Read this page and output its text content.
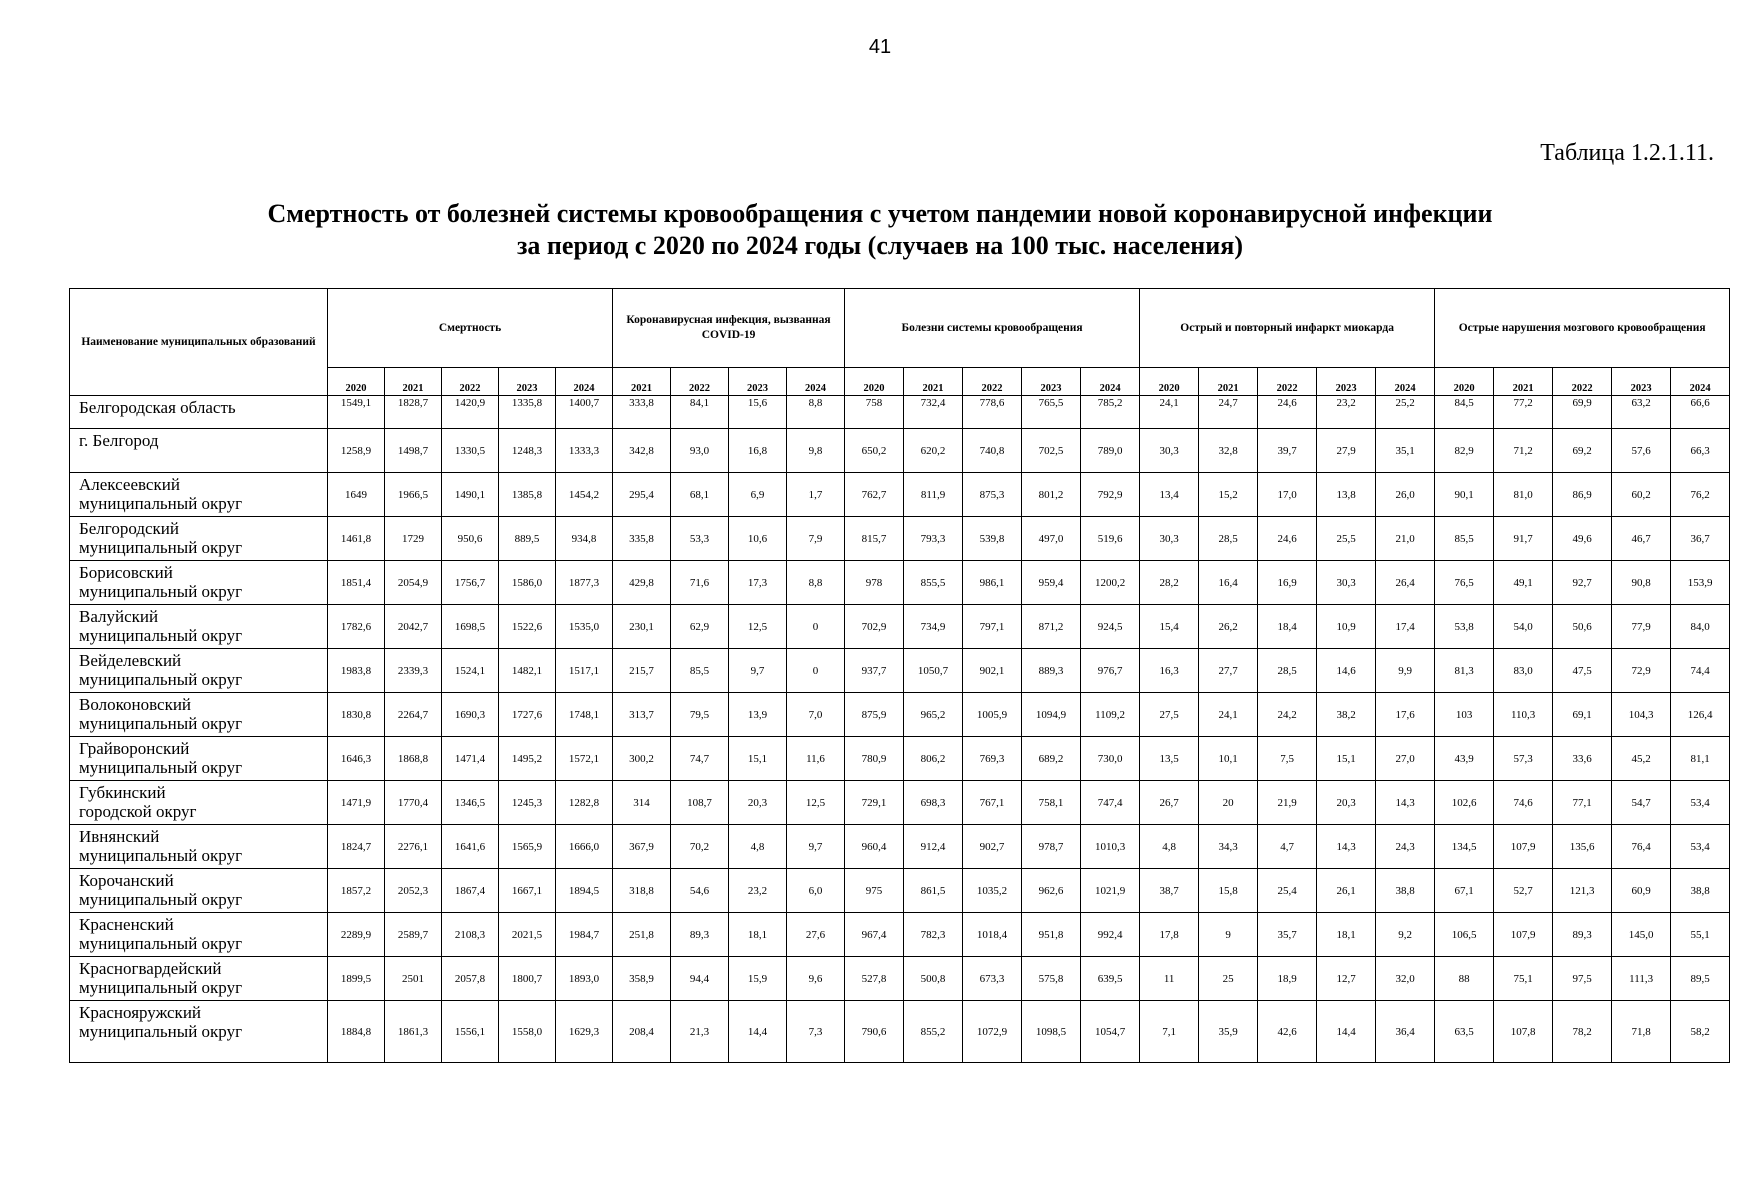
41
Таблица 1.2.1.11.
Смертность от болезней системы кровообращения с учетом пандемии новой коронавирусной инфекции
за период с 2020 по 2024 годы (случаев на 100 тыс. населения)
Наименование муниципальных образований	Смертность					Коронавирусная инфекция, вызванная COVID-19				Болезни системы кровообращения					Острый и повторный инфаркт миокарда					Острые нарушения мозгового кровообращения				
	2020	2021	2022	2023	2024	2021	2022	2023	2024	2020	2021	2022	2023	2024	2020	2021	2022	2023	2024	2020	2021	2022	2023	2024

Белгородская область	1549,1	1828,7	1420,9	1335,8	1400,7	333,8	84,1	15,6	8,8	758	732,4	778,6	765,5	785,2	24,1	24,7	24,6	23,2	25,2	84,5	77,2	69,9	63,2	66,6

г. Белгород	1258,9	1498,7	1330,5	1248,3	1333,3	342,8	93,0	16,8	9,8	650,2	620,2	740,8	702,5	789,0	30,3	32,8	39,7	27,9	35,1	82,9	71,2	69,2	57,6	66,3

Алексеевский
муниципальный округ	1649	1966,5	1490,1	1385,8	1454,2	295,4	68,1	6,9	1,7	762,7	811,9	875,3	801,2	792,9	13,4	15,2	17,0	13,8	26,0	90,1	81,0	86,9	60,2	76,2

Белгородский
муниципальный округ	1461,8	1729	950,6	889,5	934,8	335,8	53,3	10,6	7,9	815,7	793,3	539,8	497,0	519,6	30,3	28,5	24,6	25,5	21,0	85,5	91,7	49,6	46,7	36,7

Борисовский
муниципальный округ	1851,4	2054,9	1756,7	1586,0	1877,3	429,8	71,6	17,3	8,8	978	855,5	986,1	959,4	1200,2	28,2	16,4	16,9	30,3	26,4	76,5	49,1	92,7	90,8	153,9

Валуйский
муниципальный округ	1782,6	2042,7	1698,5	1522,6	1535,0	230,1	62,9	12,5	0	702,9	734,9	797,1	871,2	924,5	15,4	26,2	18,4	10,9	17,4	53,8	54,0	50,6	77,9	84,0

Вейделевский
муниципальный округ	1983,8	2339,3	1524,1	1482,1	1517,1	215,7	85,5	9,7	0	937,7	1050,7	902,1	889,3	976,7	16,3	27,7	28,5	14,6	9,9	81,3	83,0	47,5	72,9	74,4

Волоконовский
муниципальный округ	1830,8	2264,7	1690,3	1727,6	1748,1	313,7	79,5	13,9	7,0	875,9	965,2	1005,9	1094,9	1109,2	27,5	24,1	24,2	38,2	17,6	103	110,3	69,1	104,3	126,4

Грайворонский
муниципальный округ	1646,3	1868,8	1471,4	1495,2	1572,1	300,2	74,7	15,1	11,6	780,9	806,2	769,3	689,2	730,0	13,5	10,1	7,5	15,1	27,0	43,9	57,3	33,6	45,2	81,1

Губкинский
городской округ	1471,9	1770,4	1346,5	1245,3	1282,8	314	108,7	20,3	12,5	729,1	698,3	767,1	758,1	747,4	26,7	20	21,9	20,3	14,3	102,6	74,6	77,1	54,7	53,4

Ивнянский
муниципальный округ	1824,7	2276,1	1641,6	1565,9	1666,0	367,9	70,2	4,8	9,7	960,4	912,4	902,7	978,7	1010,3	4,8	34,3	4,7	14,3	24,3	134,5	107,9	135,6	76,4	53,4

Корочанский
муниципальный округ	1857,2	2052,3	1867,4	1667,1	1894,5	318,8	54,6	23,2	6,0	975	861,5	1035,2	962,6	1021,9	38,7	15,8	25,4	26,1	38,8	67,1	52,7	121,3	60,9	38,8

Красненский
муниципальный округ	2289,9	2589,7	2108,3	2021,5	1984,7	251,8	89,3	18,1	27,6	967,4	782,3	1018,4	951,8	992,4	17,8	9	35,7	18,1	9,2	106,5	107,9	89,3	145,0	55,1

Красногвардейский
муниципальный округ	1899,5	2501	2057,8	1800,7	1893,0	358,9	94,4	15,9	9,6	527,8	500,8	673,3	575,8	639,5	11	25	18,9	12,7	32,0	88	75,1	97,5	111,3	89,5

Краснояружский
муниципальный округ	1884,8	1861,3	1556,1	1558,0	1629,3	208,4	21,3	14,4	7,3	790,6	855,2	1072,9	1098,5	1054,7	7,1	35,9	42,6	14,4	36,4	63,5	107,8	78,2	71,8	58,2
